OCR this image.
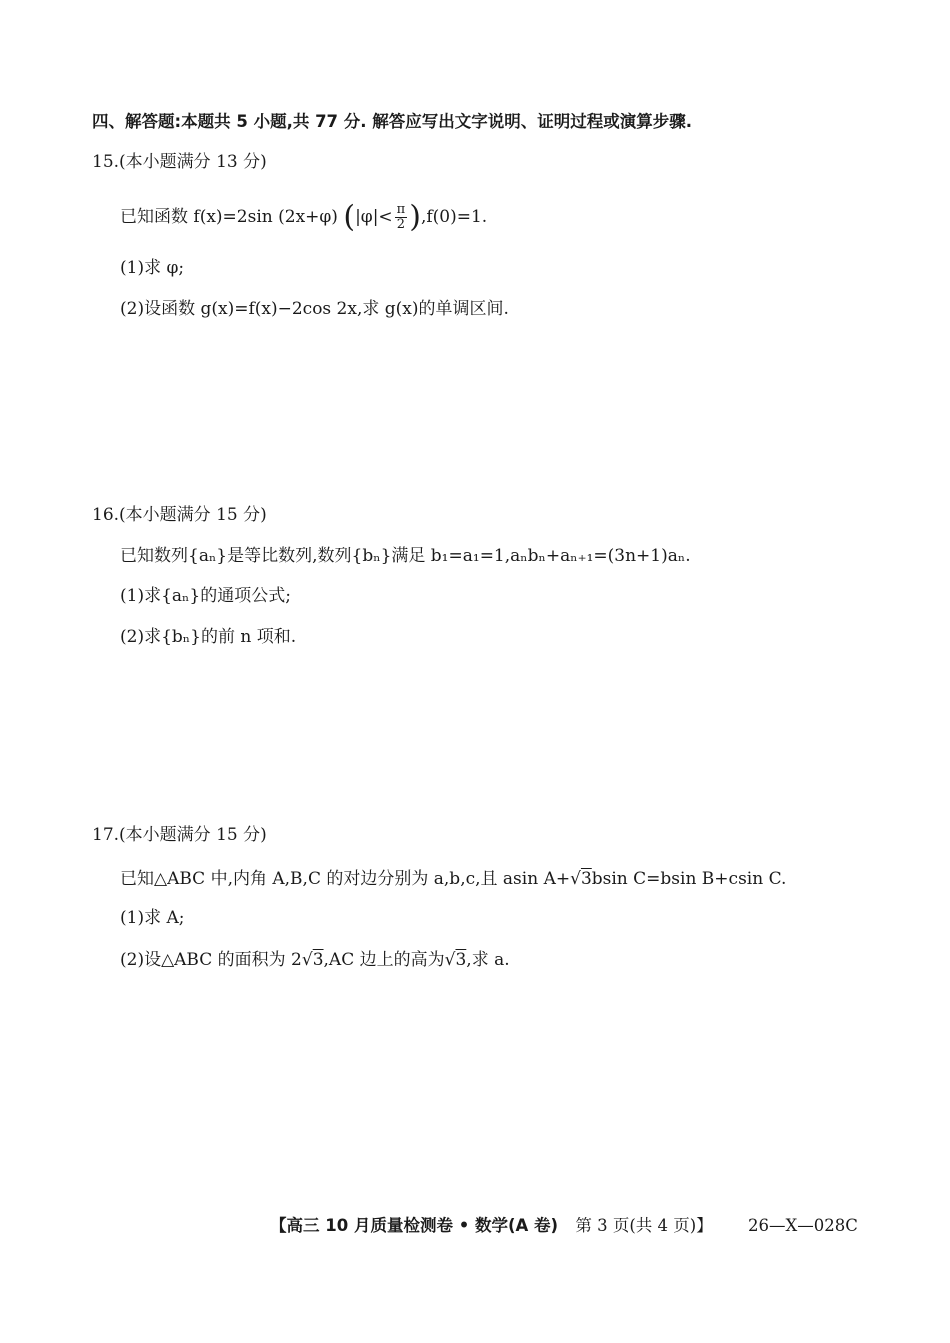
四、解答题:本题共 5 小题,共 77 分. 解答应写出文字说明、证明过程或演算步骤.
15.(本小题满分 13 分)
已知函数 f(x)=2sin (2x+φ) $(|\varphi|< \frac{\pi}{2} ),f(0)=1$.
(1)求 φ;
(2)设函数 g(x)=f(x)−2cos 2x,求 g(x)的单调区间.
16.(本小题满分 15 分)
已知数列{aₙ}是等比数列,数列{bₙ}满足 b₁=a₁=1,aₙbₙ+aₙ₊₁=(3n+1)aₙ.
(1)求{aₙ}的通项公式;
(2)求{bₙ}的前 n 项和.
17.(本小题满分 15 分)
已知△ABC 中,内角 A,B,C 的对边分别为 a,b,c,且 asin A+√3bsin C=bsin B+csin C.
(1)求 A;
(2)设△ABC 的面积为 2√3,AC 边上的高为√3,求 a.
【高三 10 月质量检测卷 • 数学(A 卷) 第 3 页(共 4 页)】 26—X—028C
